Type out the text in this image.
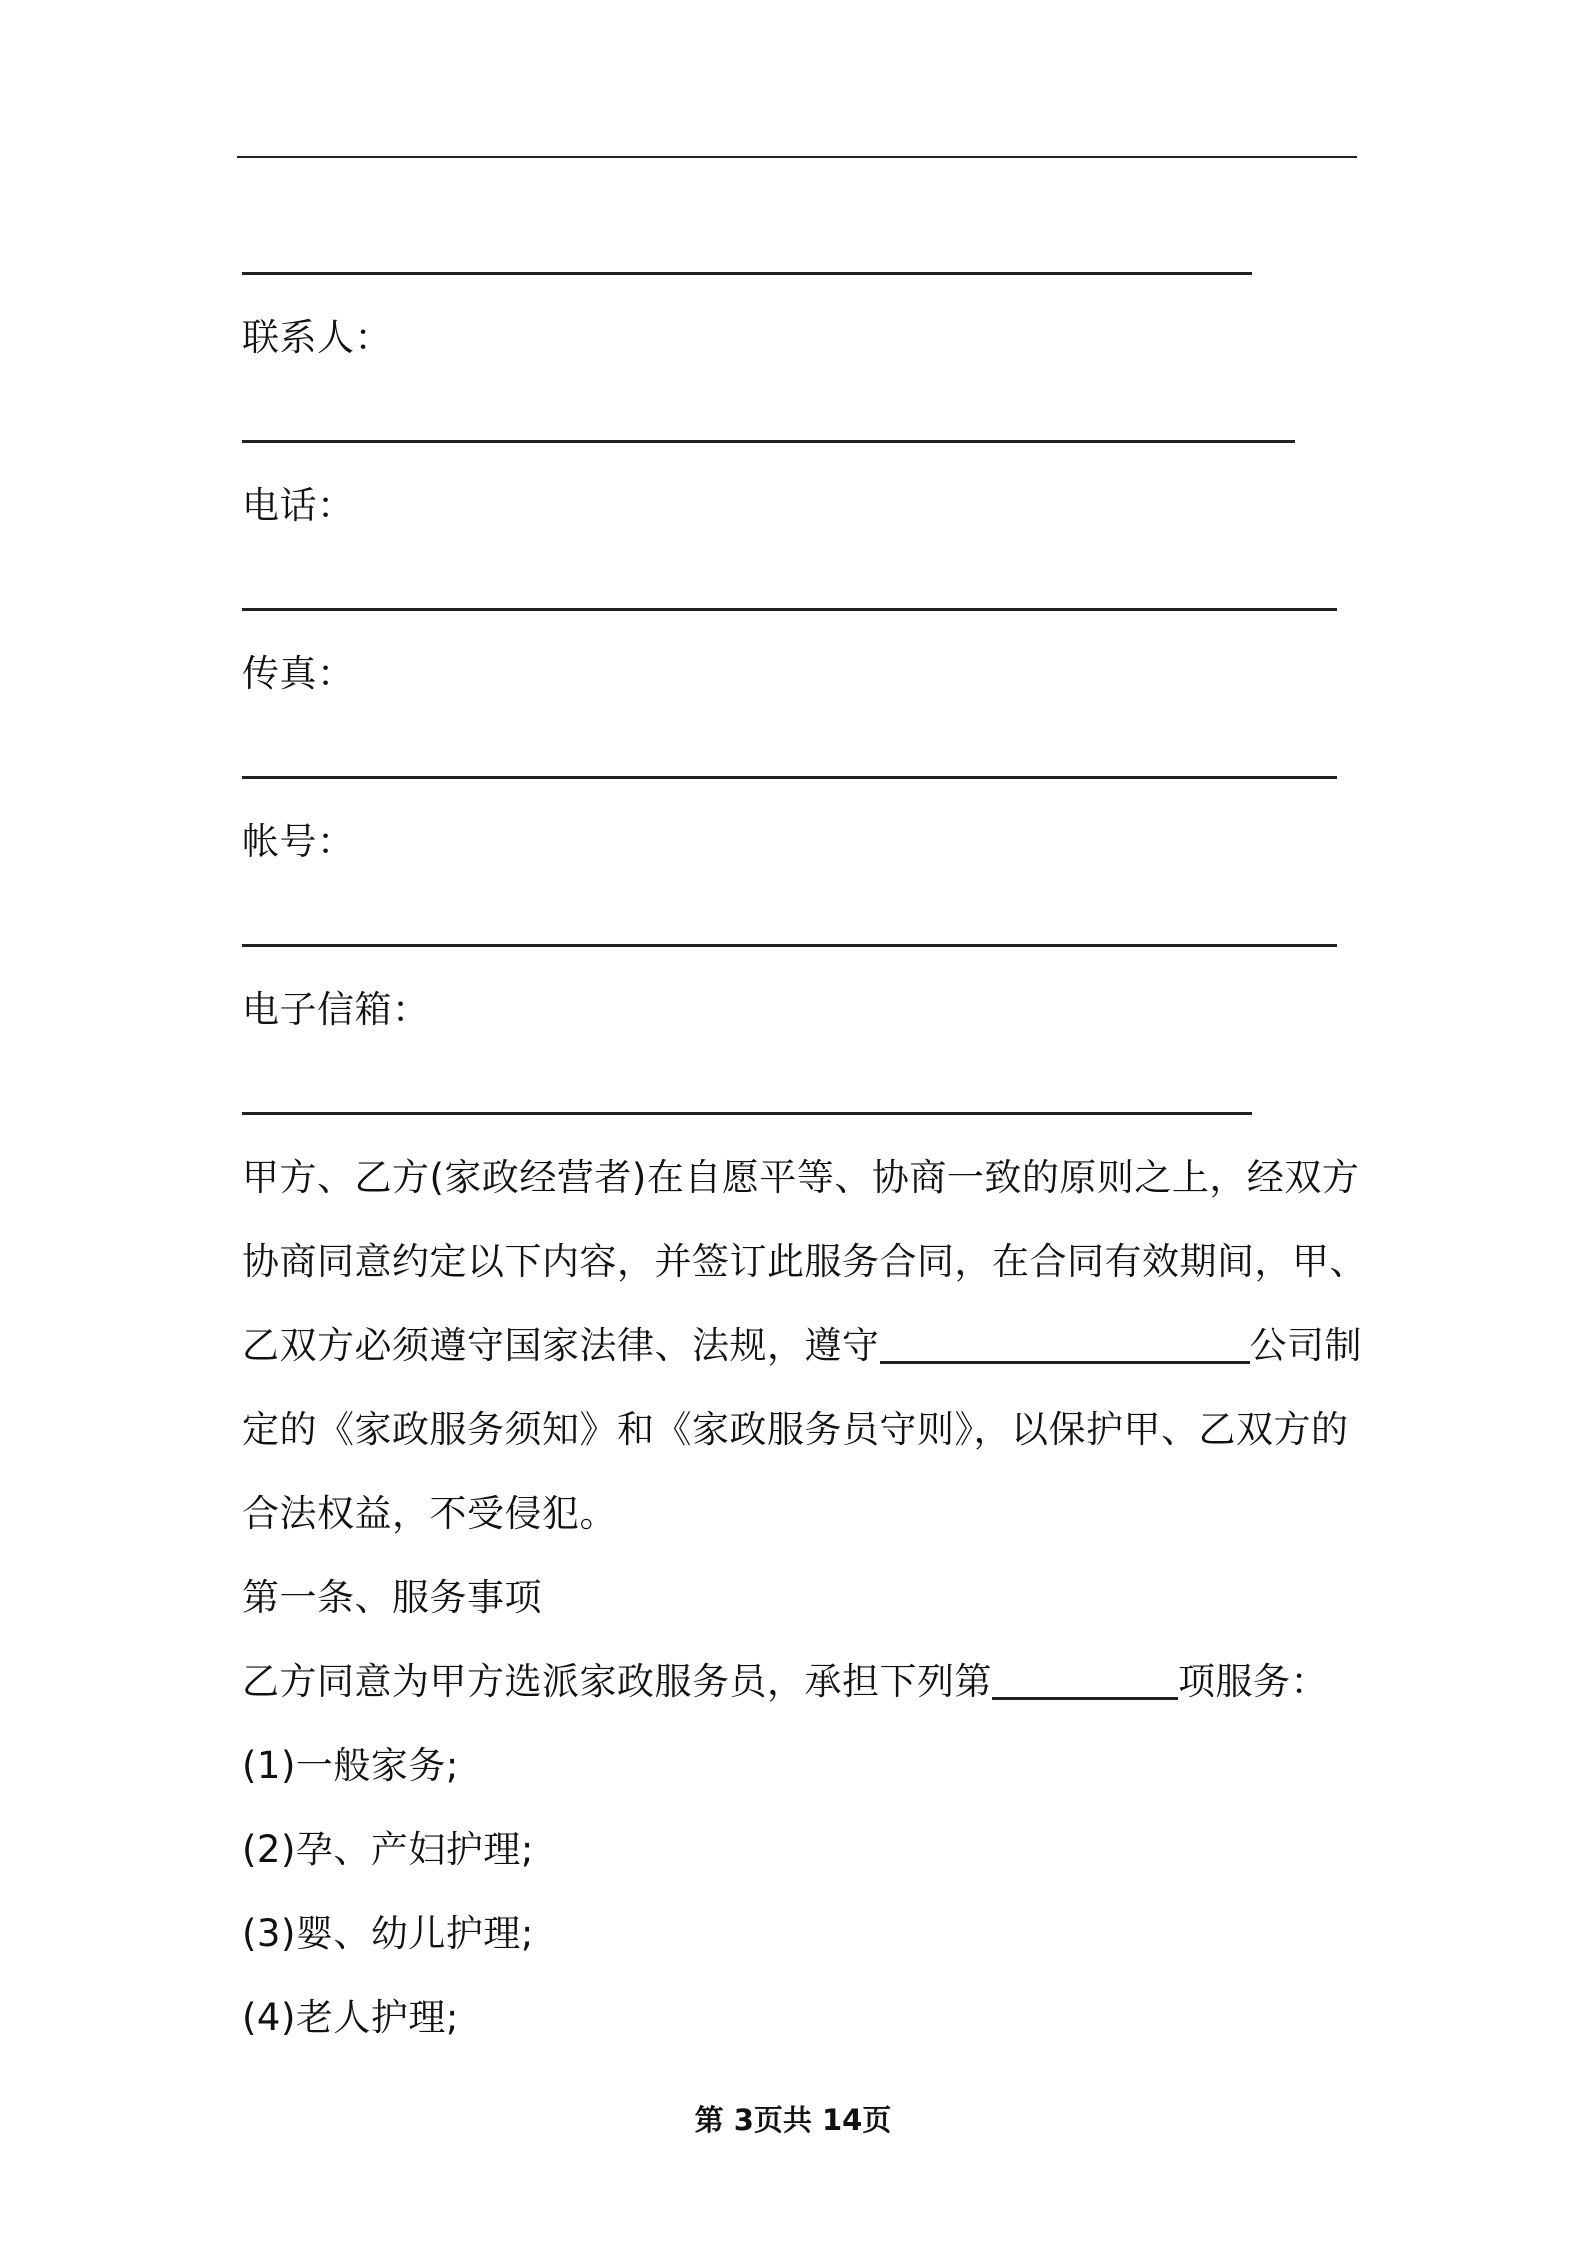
联系人：

电话：

传真：

帐号：

电子信箱：

甲方、乙方(家政经营者)在自愿平等、协商一致的原则之上，经双方

协商同意约定以下内容，并签订此服务合同，在合同有效期间，甲、

乙双方必须遵守国家法律、法规，遵守	公司制

定的《家政服务须知》和《家政服务员守则》，以保护甲、乙双方的

合法权益，不受侵犯。

第一条、服务事项

乙方同意为甲方选派家政服务员，承担下列第	项服务：

(1)一般家务;

(2)孕、产妇护理;

(3)婴、幼儿护理;

(4)老人护理;

第 3页共 14页
